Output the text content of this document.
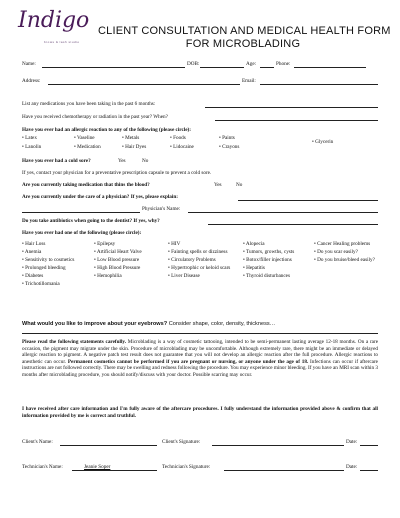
Indigo
brows & lash studio
CLIENT CONSULTATION AND MEDICAL HEALTH FORM
FOR MICROBLADING
Name:	DOB:	Age:	Phone:
Address:	Email:
List any medications you have been taking in the past 6 months:
Have you received chemotherapy or radiation in the past year? When?
Have you ever had an allergic reaction to any of the following (please circle):
• Latex
• Lanolin
• Vaseline
• Medication
• Metals
• Hair Dyes
• Foods
• Lidocaine
• Paints
• Crayons
• Glycerin
Have you ever had a cold sore?	Yes	No
If yes, contact your physician for a preventative prescription capsule to prevent a cold sore.
Are you currently taking medication that thins the blood?	Yes	No
Are you currently under the care of a physician? If yes, please explain:
Physician's Name:
Do you take antibiotics when going to the dentist? If yes, why?
Have you ever had one of the following (please circle):
• Hair Loss
• Anemia
• Sensitivity to cosmetics
• Prolonged bleeding
• Diabetes
• Trichotillomania
• Epilepsy
• Artificial Heart Valve
• Low Blood pressure
• High Blood Pressure
• Hemophilia
• HIV
• Fainting spells or dizziness
• Circulatory Problems
• Hypertrophic or keloid scars
• Liver Disease
• Alopecia
• Tumors, growths, cysts
• Botox/filler injections
• Hepatitis
• Thyroid disturbances
• Cancer Healing problems
• Do you scar easily?
• Do you bruise/bleed easily?
What would you like to improve about your eyebrows? Consider shape, color, density, thickness…
Please read the following statements carefully. Microblading is a way of cosmetic tattooing, intended to be semi-permanent lasting average 12-18 months. On a rare occasion, the pigment may migrate under the skin. Procedure of microblading may be uncomfortable. Although extremely rare, there might be an immediate or delayed allergic reaction to pigment. A negative patch test result does not guarantee that you will not develop an allergic reaction after the full procedure. Allergic reactions to anesthetic can occur. Permanent cosmetics cannot be performed if you are pregnant or nursing, or anyone under the age of 18. Infections can occur if aftercare instructions are not followed correctly. There may be swelling and redness following the procedure. You may experience minor bleeding. If you have an MRI scan within 3 months after microblading procedure, you should notify/discuss with your doctor. Possible scarring may occur.
I have received after care information and I'm fully aware of the aftercare procedures. I fully understand the information provided above & confirm that all information provided by me is correct and truthful.
Client's Name:	Client's Signature:	Date:
Technician's Name:	Jeanie Soper	Technician's Signature:	Date:
